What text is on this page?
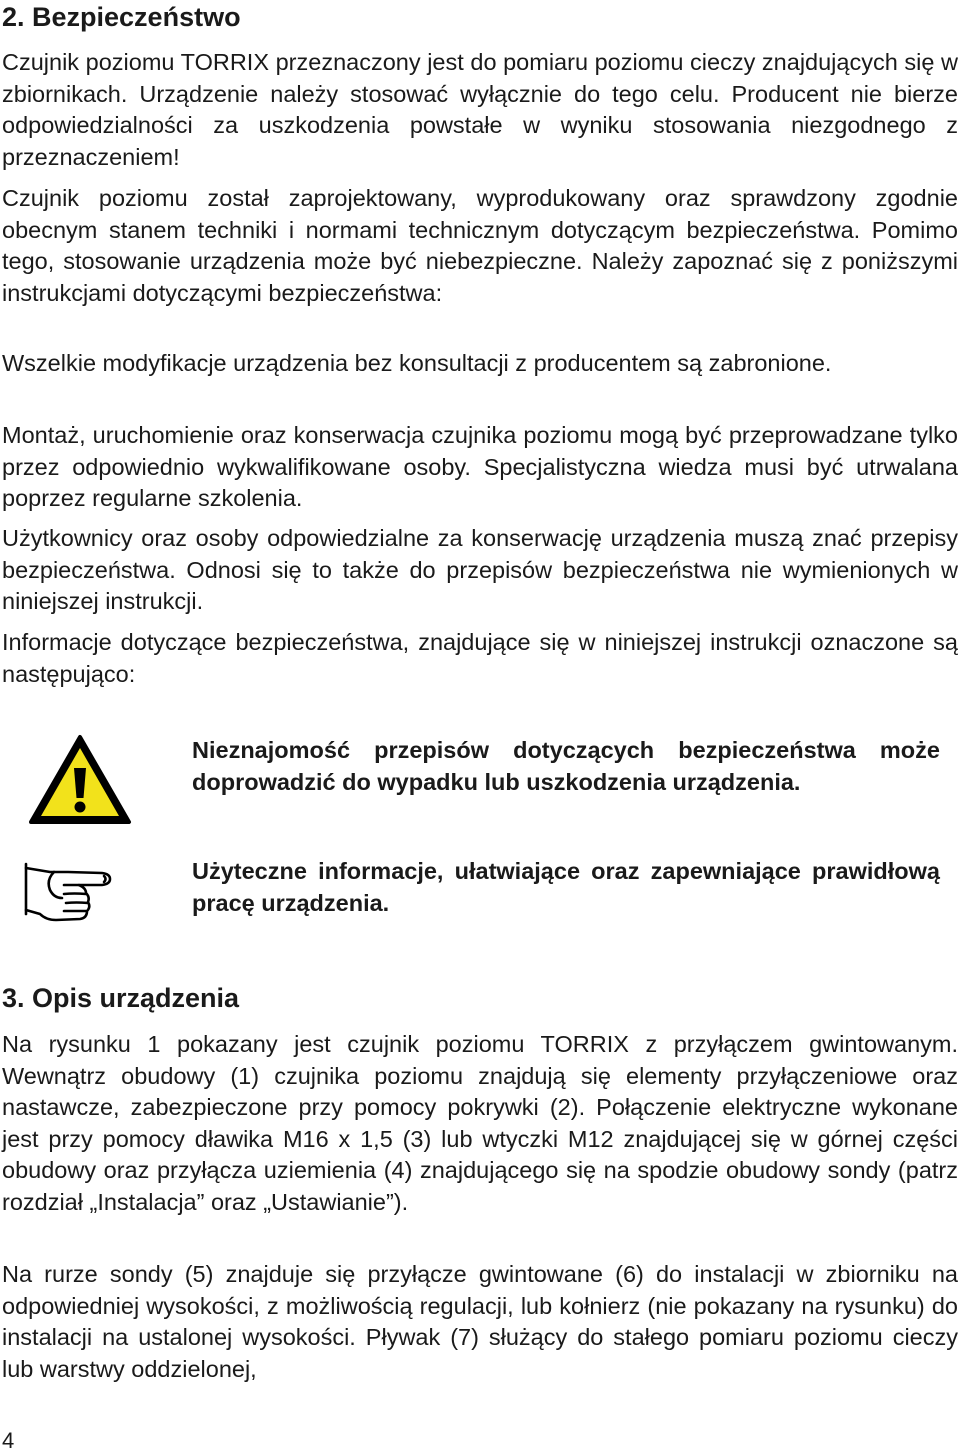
2. Bezpieczeństwo

Czujnik poziomu TORRIX przeznaczony jest do pomiaru poziomu cieczy znajdujących się w zbiornikach. Urządzenie należy stosować wyłącznie do tego celu. Producent nie bierze odpowiedzialności za uszkodzenia powstałe w wyniku stosowania niezgodnego z przeznaczeniem!

Czujnik poziomu został zaprojektowany, wyprodukowany oraz sprawdzony zgodnie obecnym stanem techniki i normami technicznym dotyczącym bezpieczeństwa. Pomimo tego, stosowanie urządzenia może być niebezpieczne. Należy zapoznać się z poniższymi instrukcjami dotyczącymi bezpieczeństwa:

Wszelkie modyfikacje urządzenia bez konsultacji z producentem są zabronione.

Montaż, uruchomienie oraz konserwacja czujnika poziomu mogą być przeprowadzane tylko przez odpowiednio wykwalifikowane osoby. Specjalistyczna wiedza musi być utrwalana poprzez regularne szkolenia.

Użytkownicy oraz osoby odpowiedzialne za konserwację urządzenia muszą znać przepisy bezpieczeństwa. Odnosi się to także do przepisów bezpieczeństwa nie wymienionych w niniejszej instrukcji.

Informacje dotyczące bezpieczeństwa, znajdujące się w niniejszej instrukcji oznaczone są następująco:

Nieznajomość przepisów dotyczących bezpieczeństwa może doprowadzić do wypadku lub uszkodzenia urządzenia.

Użyteczne informacje, ułatwiające oraz zapewniające prawidłową pracę urządzenia.

3. Opis urządzenia

Na rysunku 1 pokazany jest czujnik poziomu TORRIX z przyłączem gwintowanym. Wewnątrz obudowy (1) czujnika poziomu znajdują się elementy przyłączeniowe oraz nastawcze, zabezpieczone przy pomocy pokrywki (2). Połączenie elektryczne wykonane jest przy pomocy dławika M16 x 1,5 (3) lub wtyczki M12 znajdującej się w górnej części obudowy oraz przyłącza uziemienia (4) znajdującego się na spodzie obudowy sondy (patrz rozdział „Instalacja” oraz „Ustawianie”).

Na rurze sondy (5) znajduje się przyłącze gwintowane (6) do instalacji w zbiorniku na odpowiedniej wysokości, z możliwością regulacji, lub kołnierz (nie pokazany na rysunku) do instalacji na ustalonej wysokości. Pływak (7) służący do stałego pomiaru poziomu cieczy lub warstwy oddzielonej,

4
